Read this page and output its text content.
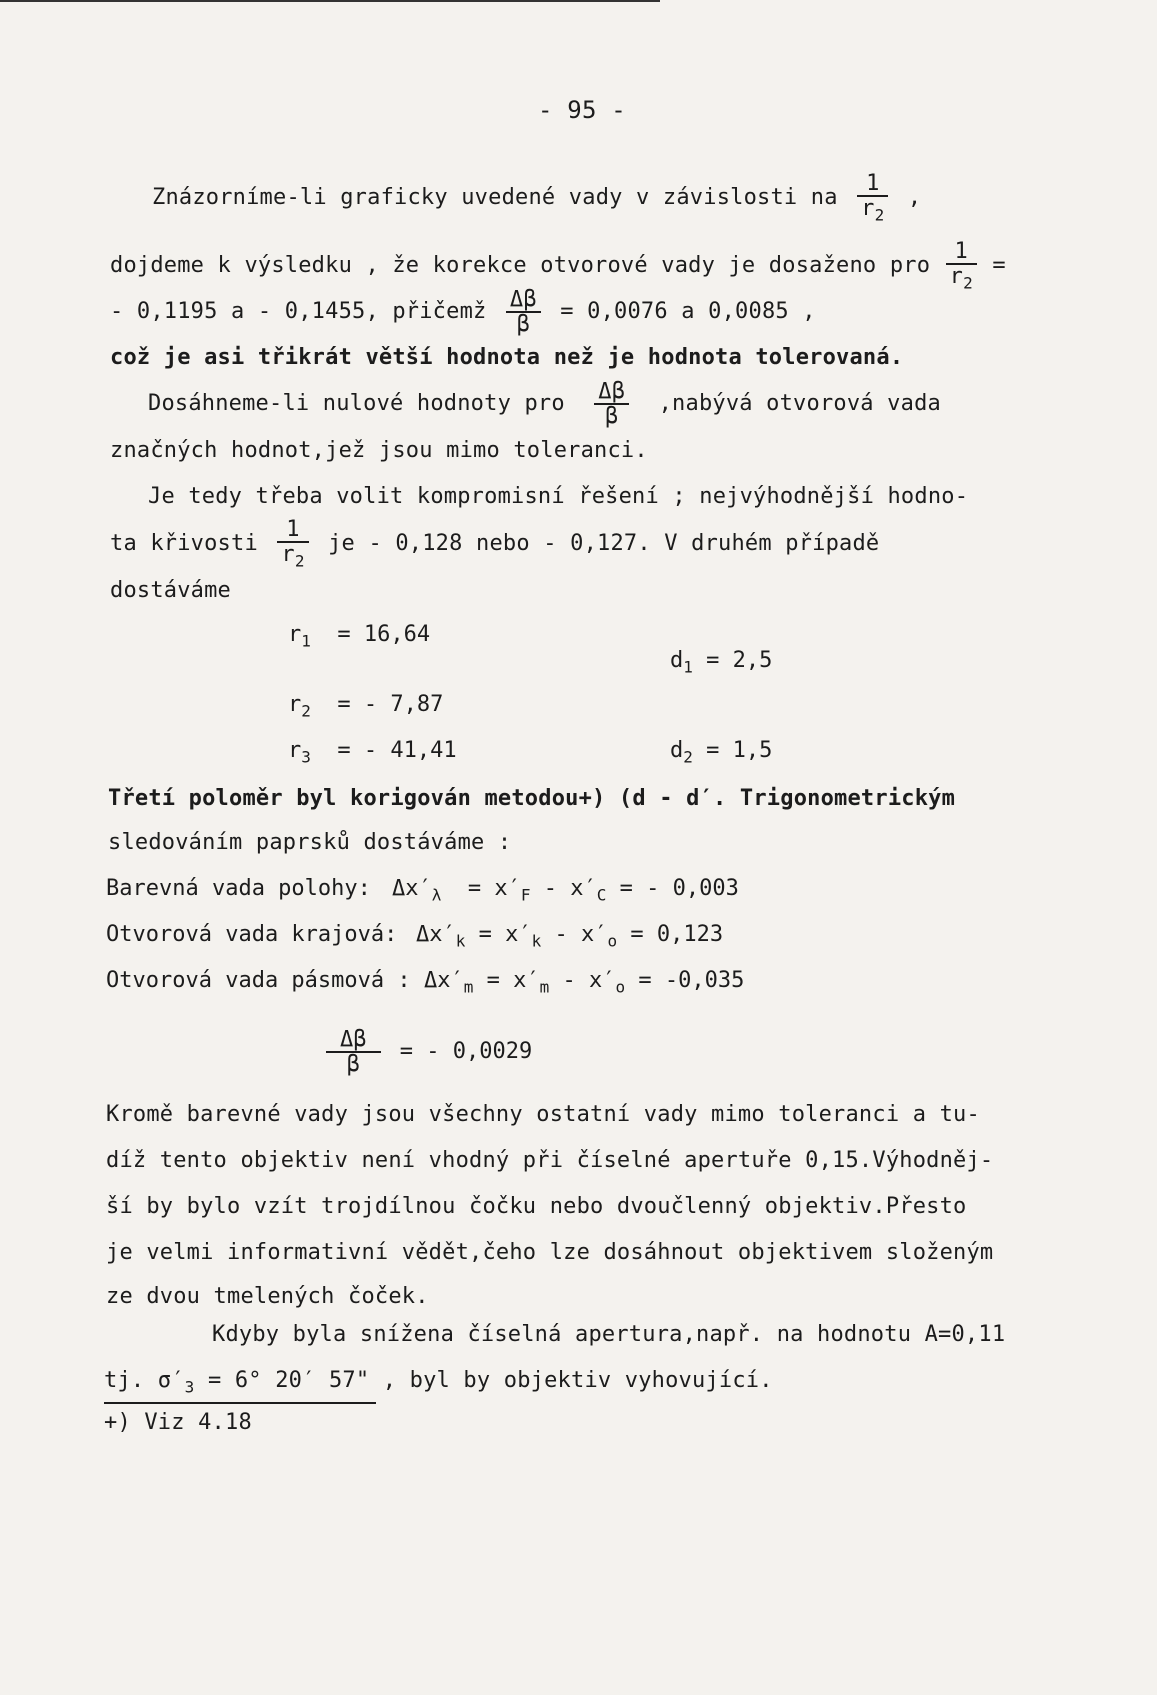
- 95 -
Znázorníme-li graficky uvedené vady v závislosti na $\frac{1}{r_2}$ ,
dojdeme k výsledku , že korekce otvorové vady je dosaženo pro $\frac{1}{r_2}$ =
- 0,1195 a - 0,1455, přičemž $\frac{\Delta\beta}{\beta} = 0,0076$ a 0,0085 ,
což je asi třikrát větší hodnota než je hodnota tolerovaná.
Dosáhneme-li nulové hodnoty pro $\frac{\Delta\beta}{\beta}$ ,nabývá otvorová vada
značných hodnot,jež jsou mimo toleranci.
Je tedy třeba volit kompromisní řešení ; nejvýhodnější hodno-
ta křivosti $\frac{1}{r_2}$ je - 0,128 nebo - 0,127. V druhém případě
dostáváme
$r_1 = 16,64$
$d_1 = 2,5$
$r_2$ = - 7,87
$r_3$ = - 41,41	$d_2 = 1,5$
Třetí poloměr byl korigován metodou+) (d - d′. Trigonometrickým
sledováním paprsků dostáváme :
Barevná vada polohy: $\Delta x'_\lambda = x'_F - x'_C$ = - 0,003
Otvorová vada krajová: $\Delta x'_k = x'_k - x'_o = 0,123$
Otvorová vada pásmová : $\Delta x'_m = x'_m - x'_o = -0,035$
$\frac{\Delta\beta}{\beta}$ = - 0,0029
Kromě barevné vady jsou všechny ostatní vady mimo toleranci a tu-
díž tento objektiv není vhodný při číselné apertuře 0,15.Výhodněj-
ší by bylo vzít trojdílnou čočku nebo dvoučlenný objektiv.Přesto
je velmi informativní vědět,čeho lze dosáhnout objektivem složeným
ze dvou tmelených čoček.
Kdyby byla snížena číselná apertura,např. na hodnotu A=0,11
tj. $\sigma'_3 = 6^\circ$ 20′ 57" , byl by objektiv vyhovující.
+) Viz 4.18
